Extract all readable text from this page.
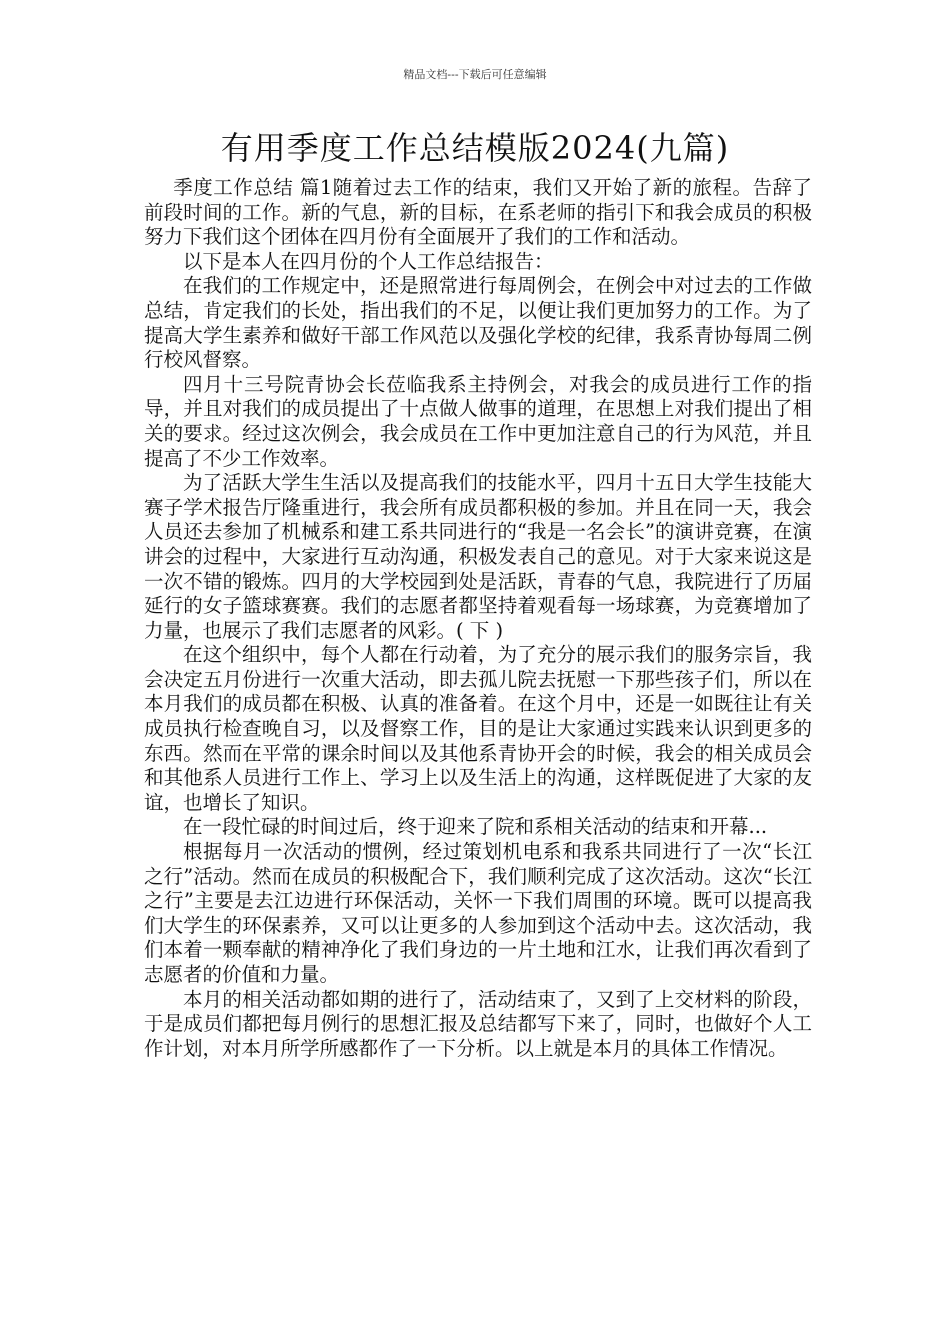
精品文档---下载后可任意编辑
有用季度工作总结模版2024(九篇)

季度工作总结 篇1随着过去工作的结束，我们又开始了新的旅程。告辞了前段时间的工作。新的气息，新的目标，在系老师的指引下和我会成员的积极努力下我们这个团体在四月份有全面展开了我们的工作和活动。

以下是本人在四月份的个人工作总结报告：

在我们的工作规定中，还是照常进行每周例会，在例会中对过去的工作做总结，肯定我们的长处，指出我们的不足，以便让我们更加努力的工作。为了提高大学生素养和做好干部工作风范以及强化学校的纪律，我系青协每周二例行校风督察。

四月十三号院青协会长莅临我系主持例会，对我会的成员进行工作的指导，并且对我们的成员提出了十点做人做事的道理，在思想上对我们提出了相关的要求。经过这次例会，我会成员在工作中更加注意自己的行为风范，并且提高了不少工作效率。

为了活跃大学生生活以及提高我们的技能水平，四月十五日大学生技能大赛子学术报告厅隆重进行，我会所有成员都积极的参加。并且在同一天，我会人员还去参加了机械系和建工系共同进行的“我是一名会长”的演讲竞赛，在演讲会的过程中，大家进行互动沟通，积极发表自己的意见。对于大家来说这是一次不错的锻炼。四月的大学校园到处是活跃，青春的气息，我院进行了历届延行的女子篮球赛赛。我们的志愿者都坚持着观看每一场球赛，为竞赛增加了力量，也展示了我们志愿者的风彩。( 下 )

在这个组织中，每个人都在行动着，为了充分的展示我们的服务宗旨，我会决定五月份进行一次重大活动，即去孤儿院去抚慰一下那些孩子们，所以在本月我们的成员都在积极、认真的准备着。在这个月中，还是一如既往让有关成员执行检查晚自习，以及督察工作，目的是让大家通过实践来认识到更多的东西。然而在平常的课余时间以及其他系青协开会的时候，我会的相关成员会和其他系人员进行工作上、学习上以及生活上的沟通，这样既促进了大家的友谊，也增长了知识。

在一段忙碌的时间过后，终于迎来了院和系相关活动的结束和开幕...

根据每月一次活动的惯例，经过策划机电系和我系共同进行了一次“长江之行”活动。然而在成员的积极配合下，我们顺利完成了这次活动。这次“长江之行”主要是去江边进行环保活动，关怀一下我们周围的环境。既可以提高我们大学生的环保素养，又可以让更多的人参加到这个活动中去。这次活动，我们本着一颗奉献的精神净化了我们身边的一片土地和江水，让我们再次看到了志愿者的价值和力量。

本月的相关活动都如期的进行了，活动结束了，又到了上交材料的阶段，于是成员们都把每月例行的思想汇报及总结都写下来了，同时，也做好个人工作计划，对本月所学所感都作了一下分析。以上就是本月的具体工作情况。
